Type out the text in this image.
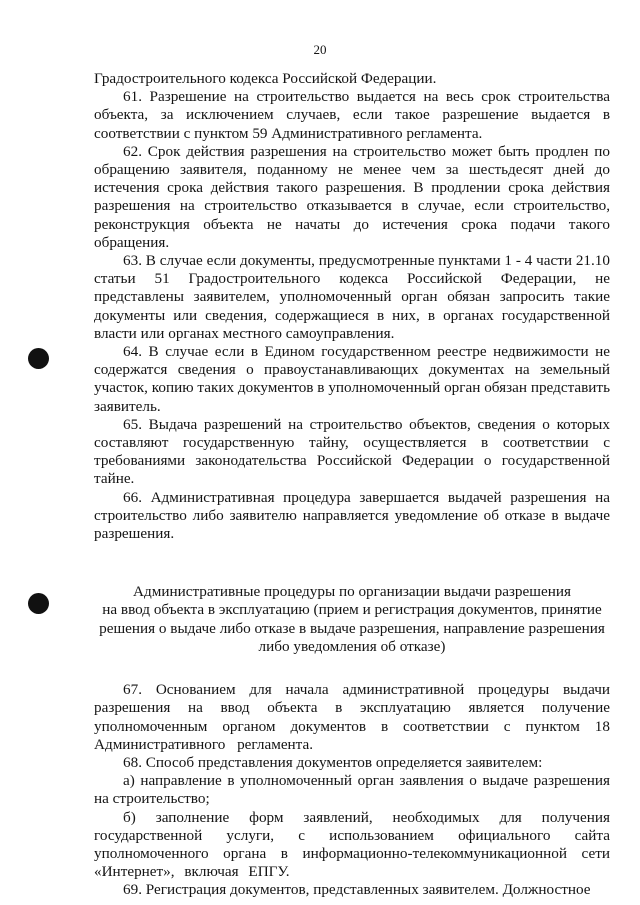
20

Градостроительного кодекса Российской Федерации.

61. Разрешение на строительство выдается на весь срок строительства объекта, за исключением случаев, если такое разрешение выдается в соответствии с пунктом 59 Административного регламента.

62. Срок действия разрешения на строительство может быть продлен по обращению заявителя, поданному не менее чем за шестьдесят дней до истечения срока действия такого разрешения. В продлении срока действия разрешения на строительство отказывается в случае, если строительство, реконструкция объекта не начаты до истечения срока подачи такого обращения.

63. В случае если документы, предусмотренные пунктами 1 - 4 части 21.10 статьи 51 Градостроительного кодекса Российской Федерации, не представлены заявителем, уполномоченный орган обязан запросить такие документы или сведения, содержащиеся в них, в органах государственной власти или органах местного самоуправления.

64. В случае если в Едином государственном реестре недвижимости не содержатся сведения о правоустанавливающих документах на земельный участок, копию таких документов в уполномоченный орган обязан представить заявитель.

65. Выдача разрешений на строительство объектов, сведения о которых составляют государственную тайну, осуществляется в соответствии с требованиями законодательства Российской Федерации о государственной тайне.

66. Административная процедура завершается выдачей разрешения на строительство либо заявителю направляется уведомление об отказе в выдаче разрешения.

Административные процедуры по организации выдачи разрешения
на ввод объекта в эксплуатацию (прием и регистрация документов, принятие
решения о выдаче либо отказе в выдаче разрешения, направление разрешения
либо уведомления об отказе)

67. Основанием для начала административной процедуры выдачи разрешения на ввод объекта в эксплуатацию является получение уполномоченным органом документов в соответствии с пунктом 18 Административного регламента.

68. Способ представления документов определяется заявителем:

а) направление в уполномоченный орган заявления о выдаче разрешения на строительство;

б) заполнение форм заявлений, необходимых для получения государственной услуги, с использованием официального сайта уполномоченного органа в информационно-телекоммуникационной сети «Интернет», включая ЕПГУ.

69. Регистрация документов, представленных заявителем. Должностное
